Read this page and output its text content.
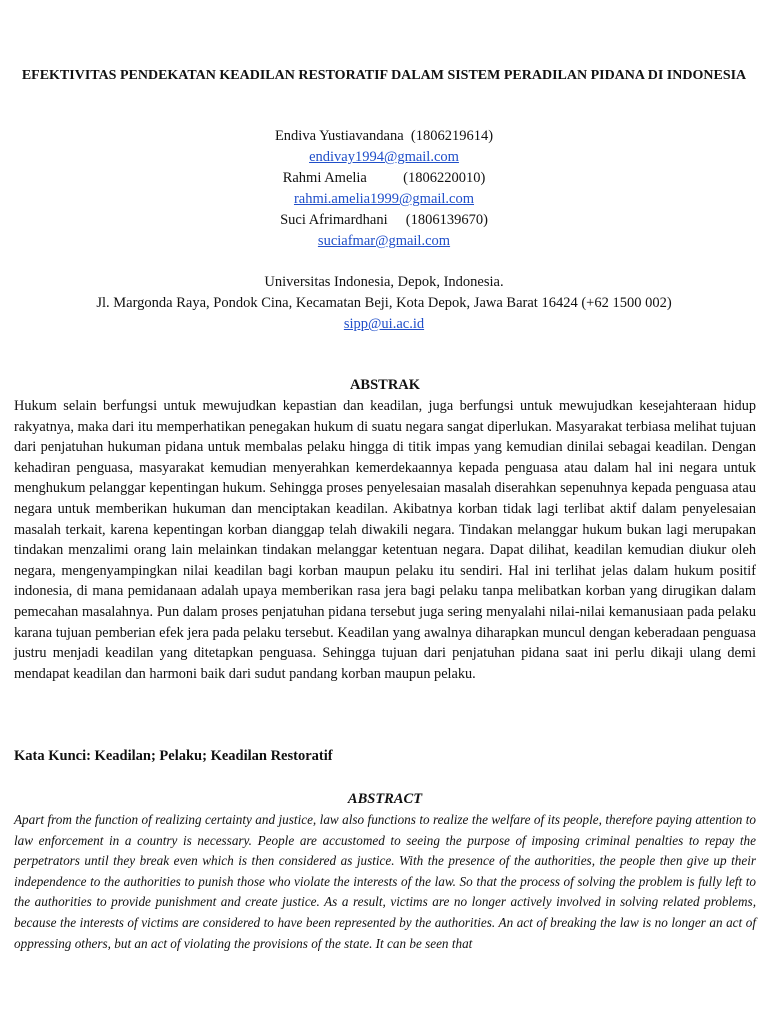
EFEKTIVITAS PENDEKATAN KEADILAN RESTORATIF DALAM SISTEM PERADILAN PIDANA DI INDONESIA
Endiva Yustiavandana  (1806219614)
endivay1994@gmail.com
Rahmi Amelia          (1806220010)
rahmi.amelia1999@gmail.com
Suci Afrimardhani     (1806139670)
suciafmar@gmail.com
Universitas Indonesia, Depok, Indonesia.
Jl. Margonda Raya, Pondok Cina, Kecamatan Beji, Kota Depok, Jawa Barat 16424 (+62 1500 002)
sipp@ui.ac.id
ABSTRAK
Hukum selain berfungsi untuk mewujudkan kepastian dan keadilan, juga berfungsi untuk mewujudkan kesejahteraan hidup rakyatnya, maka dari itu memperhatikan penegakan hukum di suatu negara sangat diperlukan. Masyarakat terbiasa melihat tujuan dari penjatuhan hukuman pidana untuk membalas pelaku hingga di titik impas yang kemudian dinilai sebagai keadilan. Dengan kehadiran penguasa, masyarakat kemudian menyerahkan kemerdekaannya kepada penguasa atau dalam hal ini negara untuk menghukum pelanggar kepentingan hukum. Sehingga proses penyelesaian masalah diserahkan sepenuhnya kepada penguasa atau negara untuk memberikan hukuman dan menciptakan keadilan. Akibatnya korban tidak lagi terlibat aktif dalam penyelesaian masalah terkait, karena kepentingan korban dianggap telah diwakili negara. Tindakan melanggar hukum bukan lagi merupakan tindakan menzalimi orang lain melainkan tindakan melanggar ketentuan negara. Dapat dilihat, keadilan kemudian diukur oleh negara, mengenyampingkan nilai keadilan bagi korban maupun pelaku itu sendiri. Hal ini terlihat jelas dalam hukum positif indonesia, di mana pemidanaan adalah upaya memberikan rasa jera bagi pelaku tanpa melibatkan korban yang dirugikan dalam pemecahan masalahnya. Pun dalam proses penjatuhan pidana tersebut juga sering menyalahi nilai-nilai kemanusiaan pada pelaku karana tujuan pemberian efek jera pada pelaku tersebut. Keadilan yang awalnya diharapkan muncul dengan keberadaan penguasa justru menjadi keadilan yang ditetapkan penguasa. Sehingga tujuan dari penjatuhan pidana saat ini perlu dikaji ulang demi mendapat keadilan dan harmoni baik dari sudut pandang korban maupun pelaku.
Kata Kunci: Keadilan; Pelaku; Keadilan Restoratif
ABSTRACT
Apart from the function of realizing certainty and justice, law also functions to realize the welfare of its people, therefore paying attention to law enforcement in a country is necessary. People are accustomed to seeing the purpose of imposing criminal penalties to repay the perpetrators until they break even which is then considered as justice. With the presence of the authorities, the people then give up their independence to the authorities to punish those who violate the interests of the law. So that the process of solving the problem is fully left to the authorities to provide punishment and create justice. As a result, victims are no longer actively involved in solving related problems, because the interests of victims are considered to have been represented by the authorities. An act of breaking the law is no longer an act of oppressing others, but an act of violating the provisions of the state. It can be seen that
